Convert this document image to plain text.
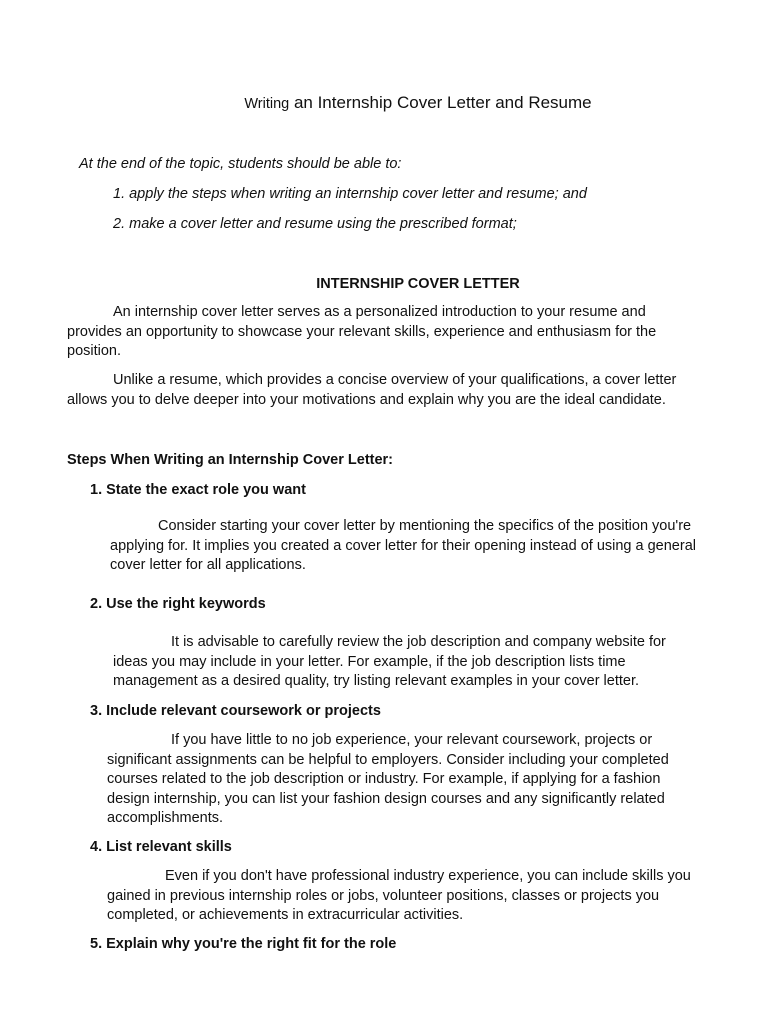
Writing an Internship Cover Letter and Resume
At the end of the topic, students should be able to:
1. apply the steps when writing an internship cover letter and resume; and
2. make a cover letter and resume using the prescribed format;
INTERNSHIP COVER LETTER
An internship cover letter serves as a personalized introduction to your resume and
provides an opportunity to showcase your relevant skills, experience and enthusiasm for the
position.
Unlike a resume, which provides a concise overview of your qualifications, a cover letter
allows you to delve deeper into your motivations and explain why you are the ideal candidate.
Steps When Writing an Internship Cover Letter:
1. State the exact role you want
Consider starting your cover letter by mentioning the specifics of the position you're
applying for. It implies you created a cover letter for their opening instead of using a general
cover letter for all applications.
2. Use the right keywords
It is advisable to carefully review the job description and company website for
ideas you may include in your letter. For example, if the job description lists time
management as a desired quality, try listing relevant examples in your cover letter.
3. Include relevant coursework or projects
If you have little to no job experience, your relevant coursework, projects or
significant assignments can be helpful to employers. Consider including your completed
courses related to the job description or industry. For example, if applying for a fashion
design internship, you can list your fashion design courses and any significantly related
accomplishments.
4. List relevant skills
Even if you don't have professional industry experience, you can include skills you
gained in previous internship roles or jobs, volunteer positions, classes or projects you
completed, or achievements in extracurricular activities.
5. Explain why you're the right fit for the role
